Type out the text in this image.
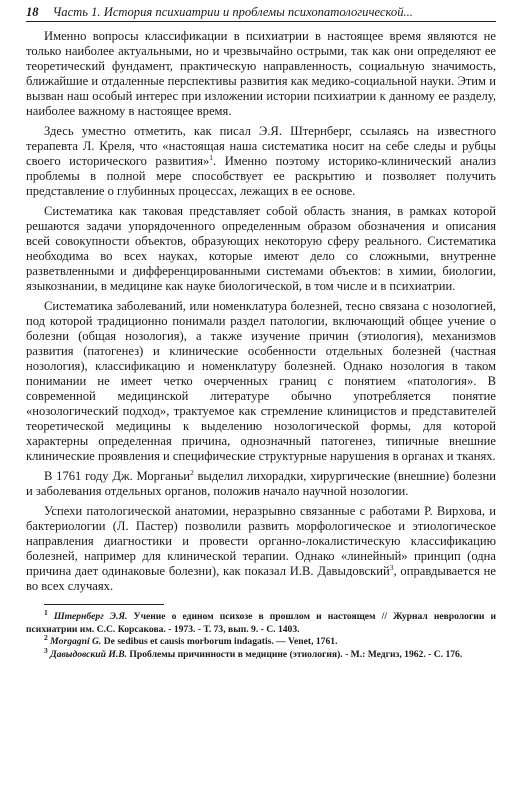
18 Часть 1. История психиатрии и проблемы психопатологической...

Именно вопросы классификации в психиатрии в настоящее время являются не только наиболее актуальными, но и чрезвычайно острыми, так как они определяют ее теоретический фундамент, практическую направленность, социальную значимость, ближайшие и отдаленные перспективы развития как медико-социальной науки. Этим и вызван наш особый интерес при изложении истории психиатрии к данному ее разделу, наиболее важному в настоящее время.

Здесь уместно отметить, как писал Э.Я. Штернберг, ссылаясь на известного терапевта Л. Креля, что «настоящая наша систематика носит на себе следы и рубцы своего исторического развития»$^1$. Именно поэтому историко-клинический анализ проблемы в полной мере способствует ее раскрытию и позволяет получить представление о глубинных процессах, лежащих в ее основе.

Систематика как таковая представляет собой область знания, в рамках которой решаются задачи упорядоченного определенным образом обозначения и описания всей совокупности объектов, образующих некоторую сферу реального. Систематика необходима во всех науках, которые имеют дело со сложными, внутренне разветвленными и дифференцированными системами объектов: в химии, биологии, языкознании, в медицине как науке биологической, в том числе и в психиатрии.

Систематика заболеваний, или номенклатура болезней, тесно связана с нозологией, под которой традиционно понимали раздел патологии, включающий общее учение о болезни (общая нозология), а также изучение причин (этиология), механизмов развития (патогенез) и клинические особенности отдельных болезней (частная нозология), классификацию и номенклатуру болезней. Однако нозология в таком понимании не имеет четко очерченных границ с понятием «патология». В современной медицинской литературе обычно употребляется понятие «нозологический подход», трактуемое как стремление клиницистов и представителей теоретической медицины к выделению нозологической формы, для которой характерны определенная причина, однозначный патогенез, типичные внешние клинические проявления и специфические структурные нарушения в органах и тканях.

В 1761 году Дж. Морганьи$^2$ выделил лихорадки, хирургические (внешние) болезни и заболевания отдельных органов, положив начало научной нозологии.

Успехи патологической анатомии, неразрывно связанные с работами Р. Вирхова, и бактериологии (Л. Пастер) позволили развить морфологическое и этиологическое направления диагностики и провести органно-локалистическую классификацию болезней, например для клинической терапии. Однако «линейный» принцип (одна причина дает одинаковые болезни), как показал И.В. Давыдовский$^3$, оправдывается не во всех случаях.

$^1$ Штернберг Э.Я. Учение о едином психозе в прошлом и настоящем // Журнал неврологии и психиатрии им. С.С. Корсакова. - 1973. - Т. 73, вып. 9. - С. 1403.

$^2$ Morgagni G. De sedibus et causis morborum indagatis. — Venet, 1761.

$^3$ Давыдовский И.В. Проблемы причинности в медицине (этиология). - М.: Медгиз, 1962. - С. 176.
